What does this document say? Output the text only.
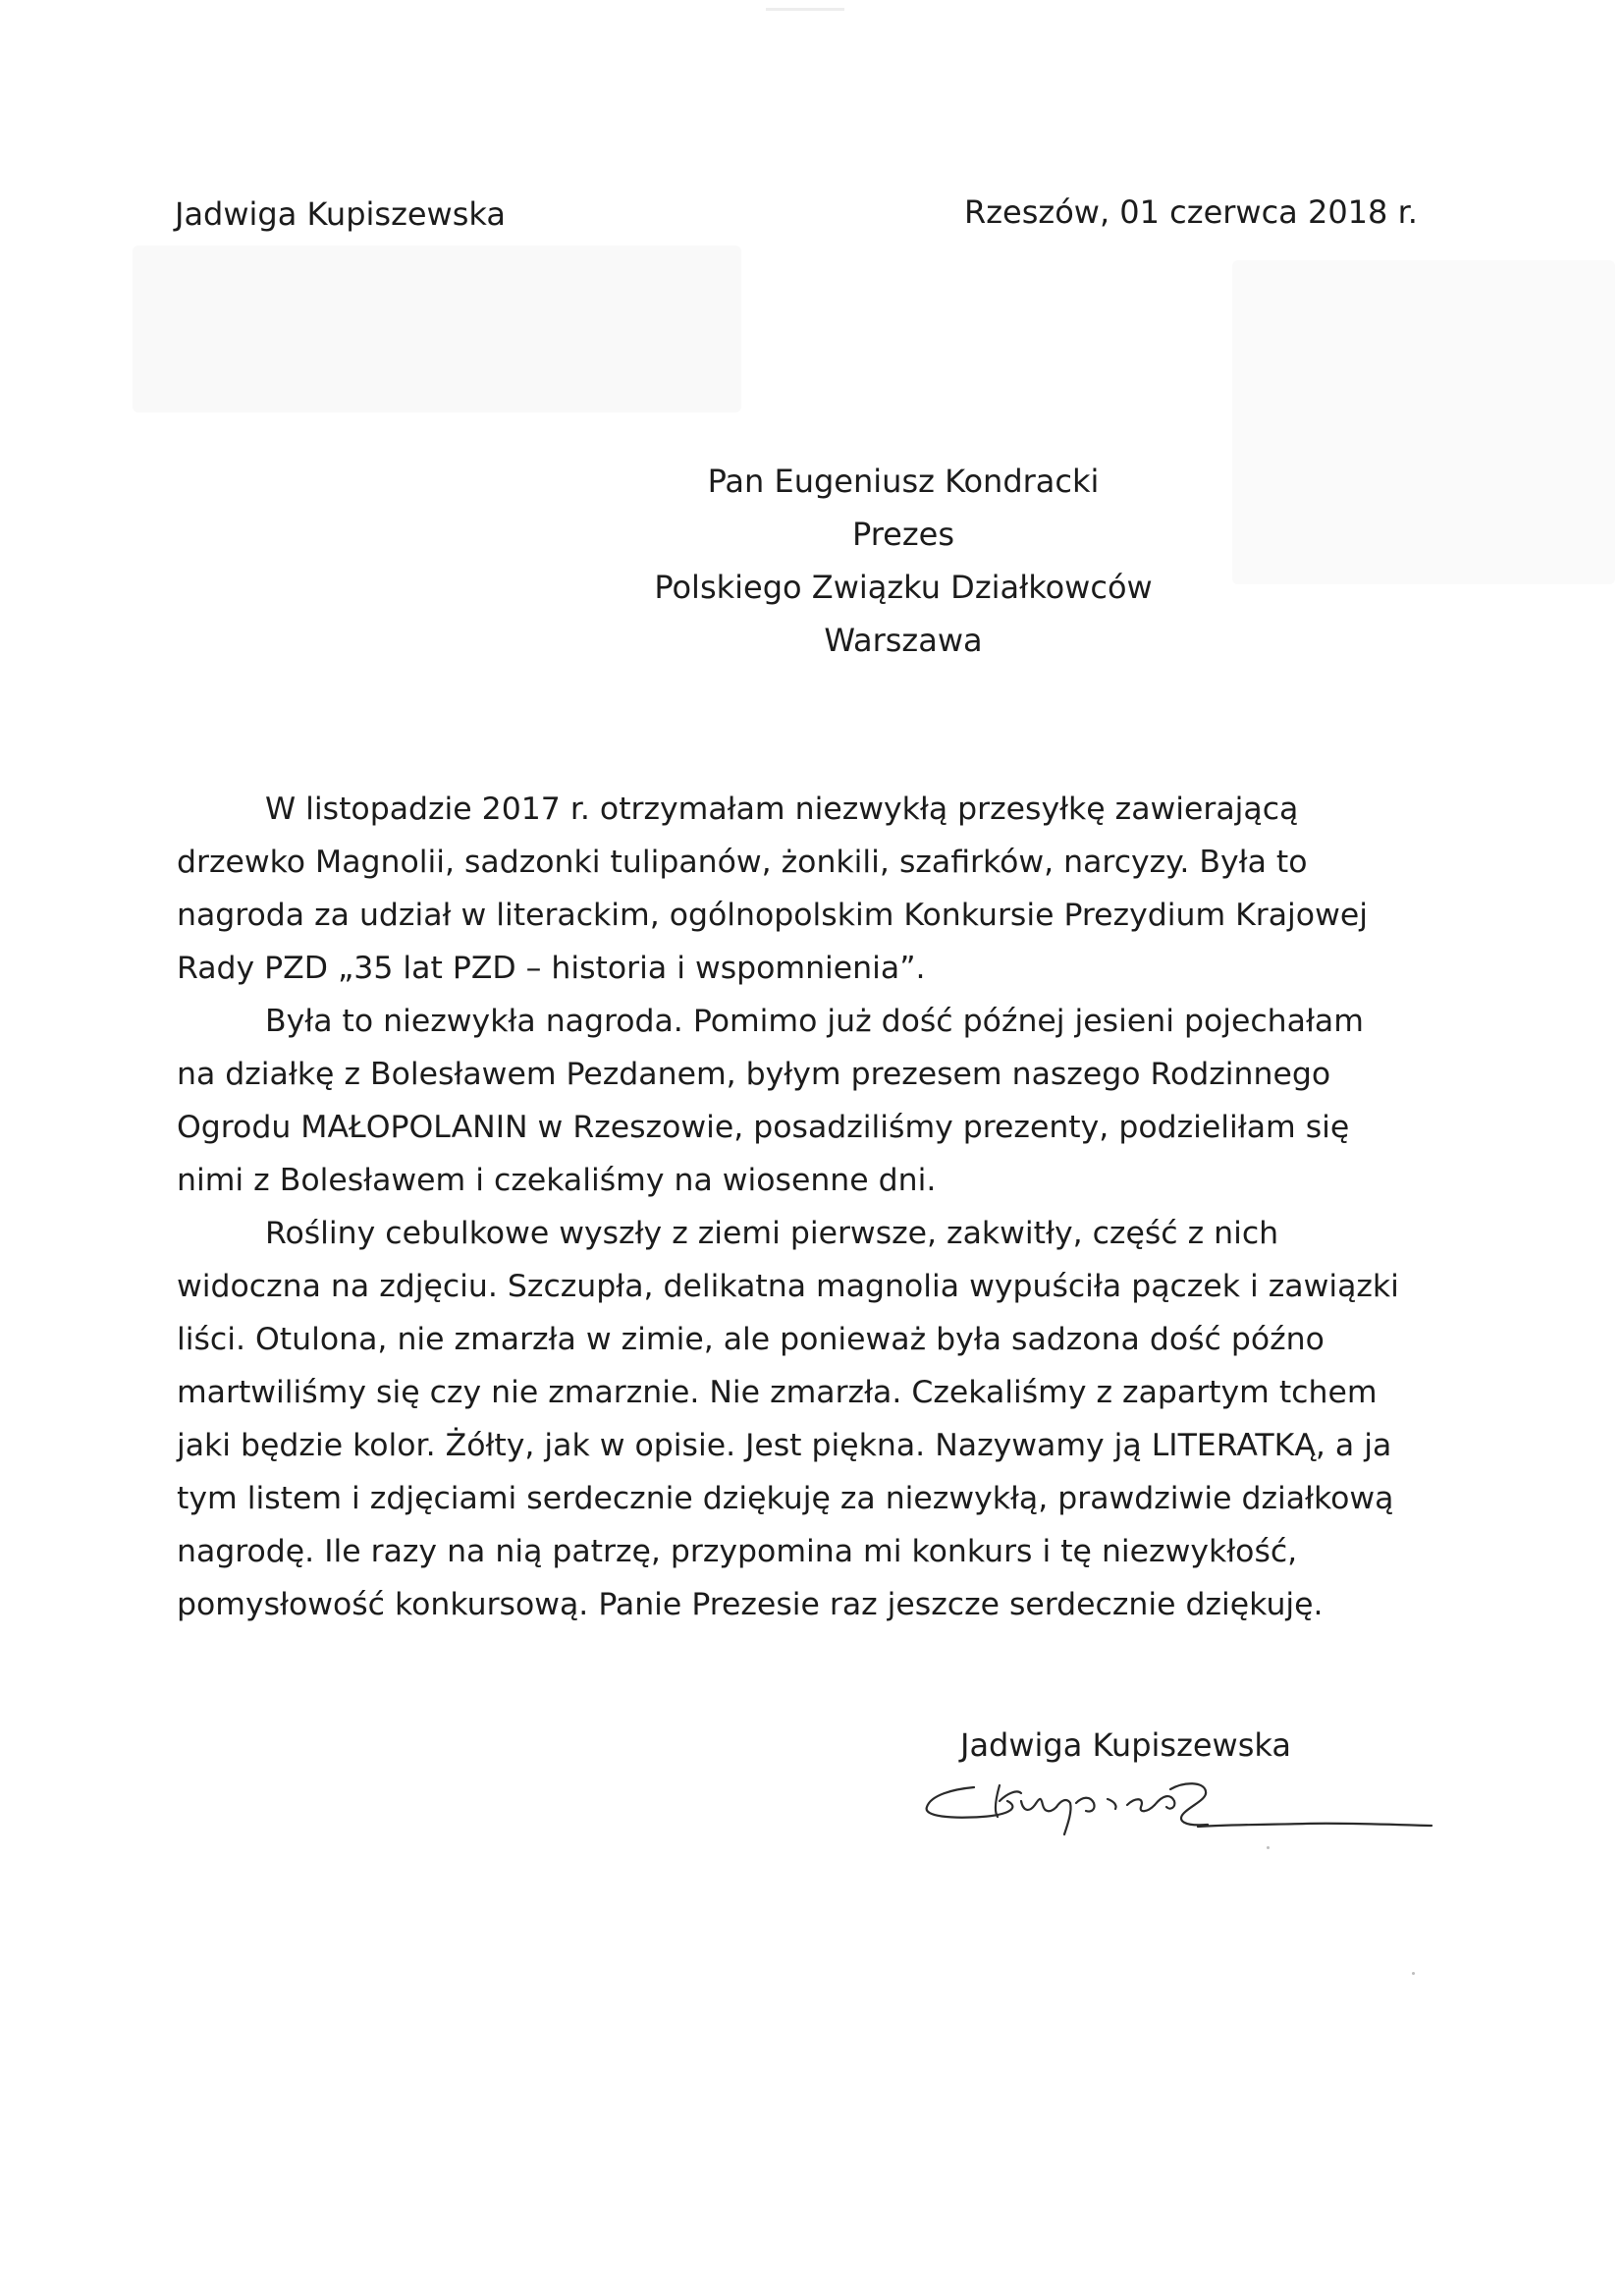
Jadwiga Kupiszewska	Rzeszów, 01 czerwca 2018 r.
Pan Eugeniusz Kondracki
Prezes
Polskiego Związku Działkowców
Warszawa
W listopadzie 2017 r. otrzymałam niezwykłą przesyłkę zawierającą
drzewko Magnolii, sadzonki tulipanów, żonkili, szafirków, narcyzy. Była to
nagroda za udział w literackim, ogólnopolskim Konkursie Prezydium Krajowej
Rady PZD „35 lat PZD – historia i wspomnienia”.
Była to niezwykła nagroda. Pomimo już dość późnej jesieni pojechałam
na działkę z Bolesławem Pezdanem, byłym prezesem naszego Rodzinnego
Ogrodu MAŁOPOLANIN w Rzeszowie, posadziliśmy prezenty, podzieliłam się
nimi z Bolesławem i czekaliśmy na wiosenne dni.
Rośliny cebulkowe wyszły z ziemi pierwsze, zakwitły, część z nich
widoczna na zdjęciu. Szczupła, delikatna magnolia wypuściła pączek i zawiązki
liści. Otulona, nie zmarzła w zimie, ale ponieważ była sadzona dość późno
martwiliśmy się czy nie zmarznie. Nie zmarzła. Czekaliśmy z zapartym tchem
jaki będzie kolor. Żółty, jak w opisie. Jest piękna. Nazywamy ją LITERATKĄ, a ja
tym listem i zdjęciami serdecznie dziękuję za niezwykłą, prawdziwie działkową
nagrodę. Ile razy na nią patrzę, przypomina mi konkurs i tę niezwykłość,
pomysłowość konkursową. Panie Prezesie raz jeszcze serdecznie dziękuję.
Jadwiga Kupiszewska
